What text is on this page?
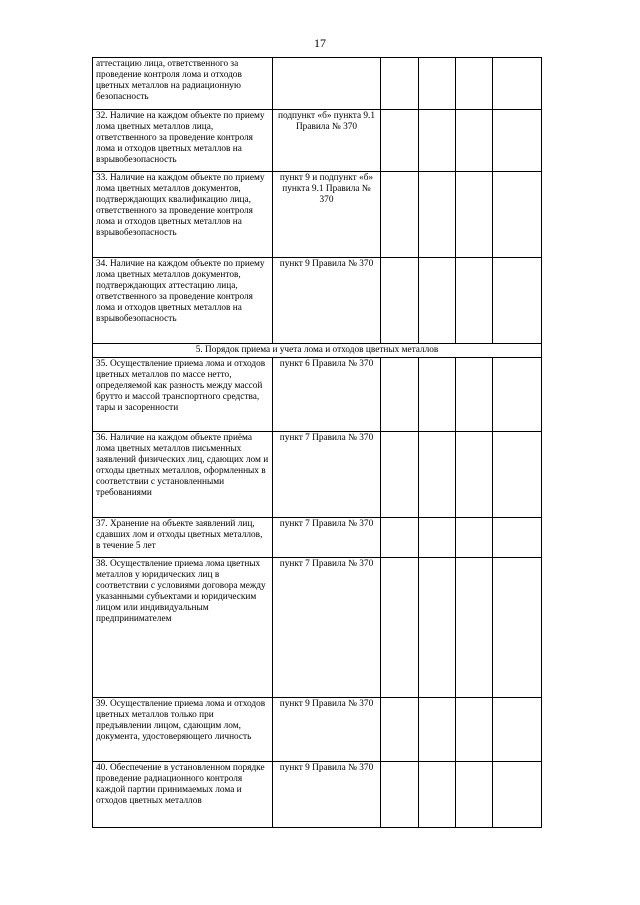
17
аттестацию лица, ответственного за проведение контроля лома и отходов цветных металлов на радиационную безопасность					
32. Наличие на каждом объекте по приему лома цветных металлов лица, ответственного за проведение контроля лома и отходов цветных металлов на взрывобезопасность	подпункт «б» пункта 9.1 Правила № 370				
33. Наличие на каждом объекте по приему лома цветных металлов документов, подтверждающих квалификацию лица, ответственного за проведение контроля лома и отходов цветных металлов на взрывобезопасность	пункт 9 и подпункт «б» пункта 9.1 Правила № 370				
34. Наличие на каждом объекте по приему лома цветных металлов документов, подтверждающих аттестацию лица, ответственного за проведение контроля лома и отходов цветных металлов на взрывобезопасность	пункт 9 Правила № 370				
5. Порядок приема и учета лома и отходов цветных металлов					
35. Осуществление приема лома и отходов цветных металлов по массе нетто, определяемой как разность между массой брутто и массой транспортного средства, тары и засоренности	пункт 6 Правила № 370				
36. Наличие на каждом объекте приёма лома цветных металлов письменных заявлений физических лиц, сдающих лом и отходы цветных металлов, оформленных в соответствии с установленными требованиями	пункт 7 Правила № 370				
37. Хранение на объекте заявлений лиц, сдавших лом и отходы цветных металлов, в течение 5 лет	пункт 7 Правила № 370				
38. Осуществление приема лома цветных металлов у юридических лиц в соответствии с условиями договора между указанными субъектами и юридическим лицом или индивидуальным предпринимателем	пункт 7 Правила № 370				
39. Осуществление приема лома и отходов цветных металлов только при предъявлении лицом, сдающим лом, документа, удостоверяющего личность	пункт 9 Правила № 370				
40. Обеспечение в установленном порядке проведение радиационного контроля каждой партии принимаемых лома и отходов цветных металлов	пункт 9 Правила № 370				
